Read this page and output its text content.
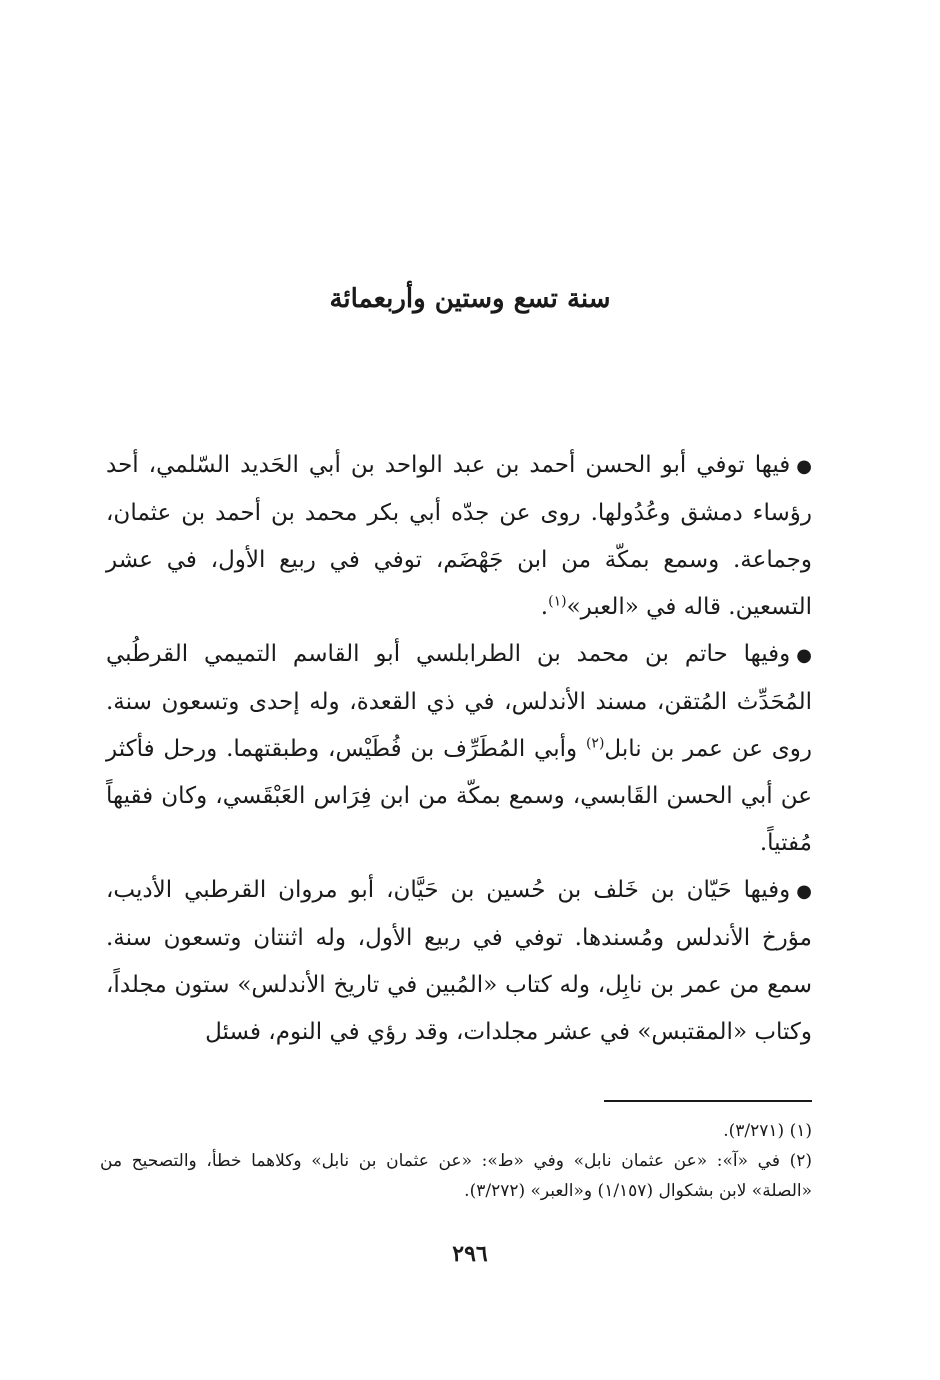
سنة تسع وستين وأربعمائة

●فيها توفي أبو الحسن أحمد بن عبد الواحد بن أبي الحَديد السّلمي، أحد رؤساء دمشق وعُدُولها. روى عن جدّه أبي بكر محمد بن أحمد بن عثمان، وجماعة. وسمع بمكّة من ابن جَهْضَم، توفي في ربيع الأول، في عشر التسعين. قاله في «العبر»$^{(١)}$.

●وفيها حاتم بن محمد بن الطرابلسي أبو القاسم التميمي القرطُبي المُحَدِّث المُتقن، مسند الأندلس، في ذي القعدة، وله إحدى وتسعون سنة. روى عن عمر بن نابل$^{(٢)}$ وأبي المُطَرِّف بن فُطَيْس، وطبقتهما. ورحل فأكثر عن أبي الحسن القَابسي، وسمع بمكّة من ابن فِرَاس العَبْقَسي، وكان فقيهاً مُفتياً.

●وفيها حَيّان بن خَلف بن حُسين بن حَيَّان، أبو مروان القرطبي الأديب، مؤرخ الأندلس ومُسندها. توفي في ربيع الأول، وله اثنتان وتسعون سنة. سمع من عمر بن نابِل، وله كتاب «المُبين في تاريخ الأندلس» ستون مجلداً، وكتاب «المقتبس» في عشر مجلدات، وقد رؤي في النوم، فسئل

(١) (٣/٢٧١).

(٢) في «آ»: «عن عثمان نابل» وفي «ط»: «عن عثمان بن نابل» وكلاهما خطأ، والتصحيح من «الصلة» لابن بشكوال (١/١٥٧) و«العبر» (٣/٢٧٢).

٢٩٦
